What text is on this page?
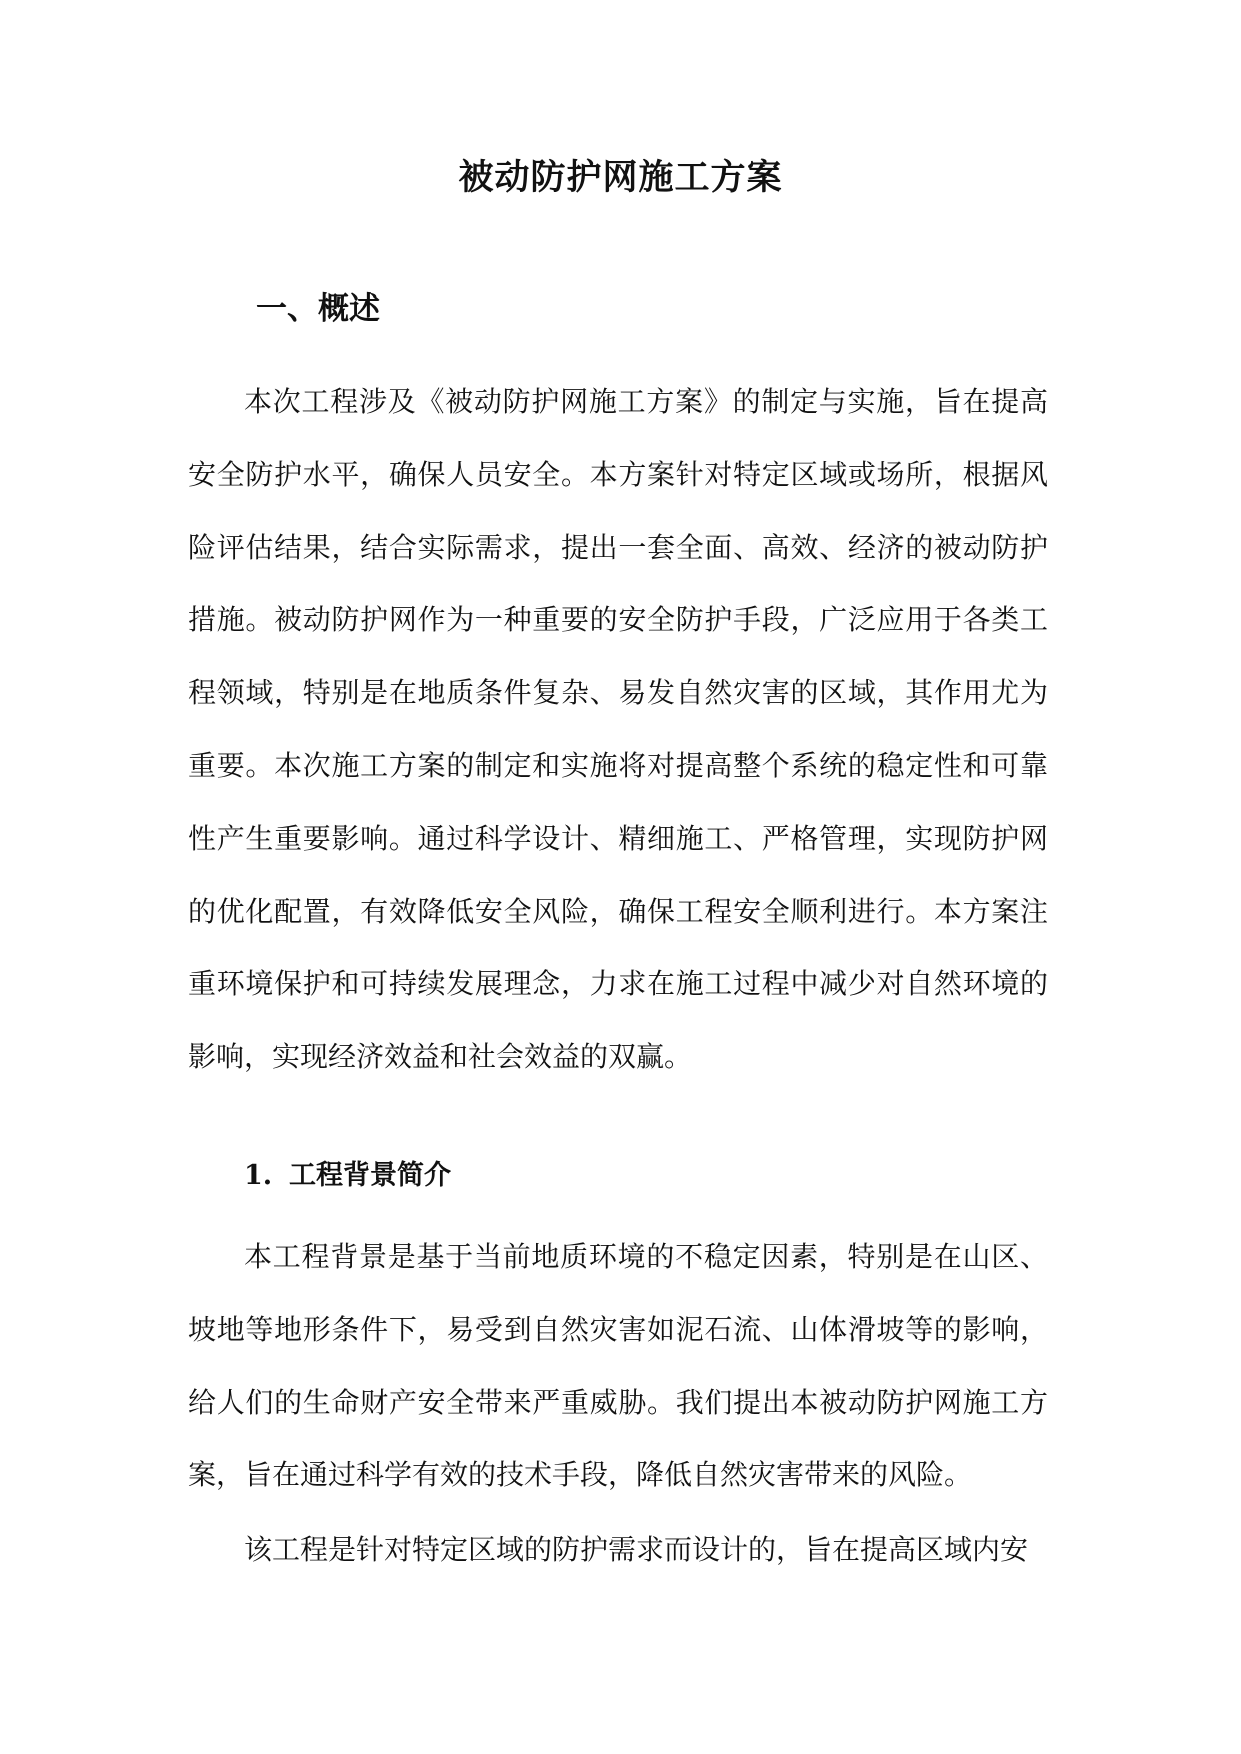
被动防护网施工方案
一、概述

本次工程涉及《被动防护网施工方案》的制定与实施，旨在提高安全防护水平，确保人员安全。本方案针对特定区域或场所，根据风险评估结果，结合实际需求，提出一套全面、高效、经济的被动防护措施。被动防护网作为一种重要的安全防护手段，广泛应用于各类工程领域，特别是在地质条件复杂、易发自然灾害的区域，其作用尤为重要。本次施工方案的制定和实施将对提高整个系统的稳定性和可靠性产生重要影响。通过科学设计、精细施工、严格管理，实现防护网的优化配置，有效降低安全风险，确保工程安全顺利进行。本方案注重环境保护和可持续发展理念，力求在施工过程中减少对自然环境的影响，实现经济效益和社会效益的双赢。

1. 工程背景简介

本工程背景是基于当前地质环境的不稳定因素，特别是在山区、坡地等地形条件下，易受到自然灾害如泥石流、山体滑坡等的影响，给人们的生命财产安全带来严重威胁。我们提出本被动防护网施工方案，旨在通过科学有效的技术手段，降低自然灾害带来的风险。

该工程是针对特定区域的防护需求而设计的，旨在提高区域内安
